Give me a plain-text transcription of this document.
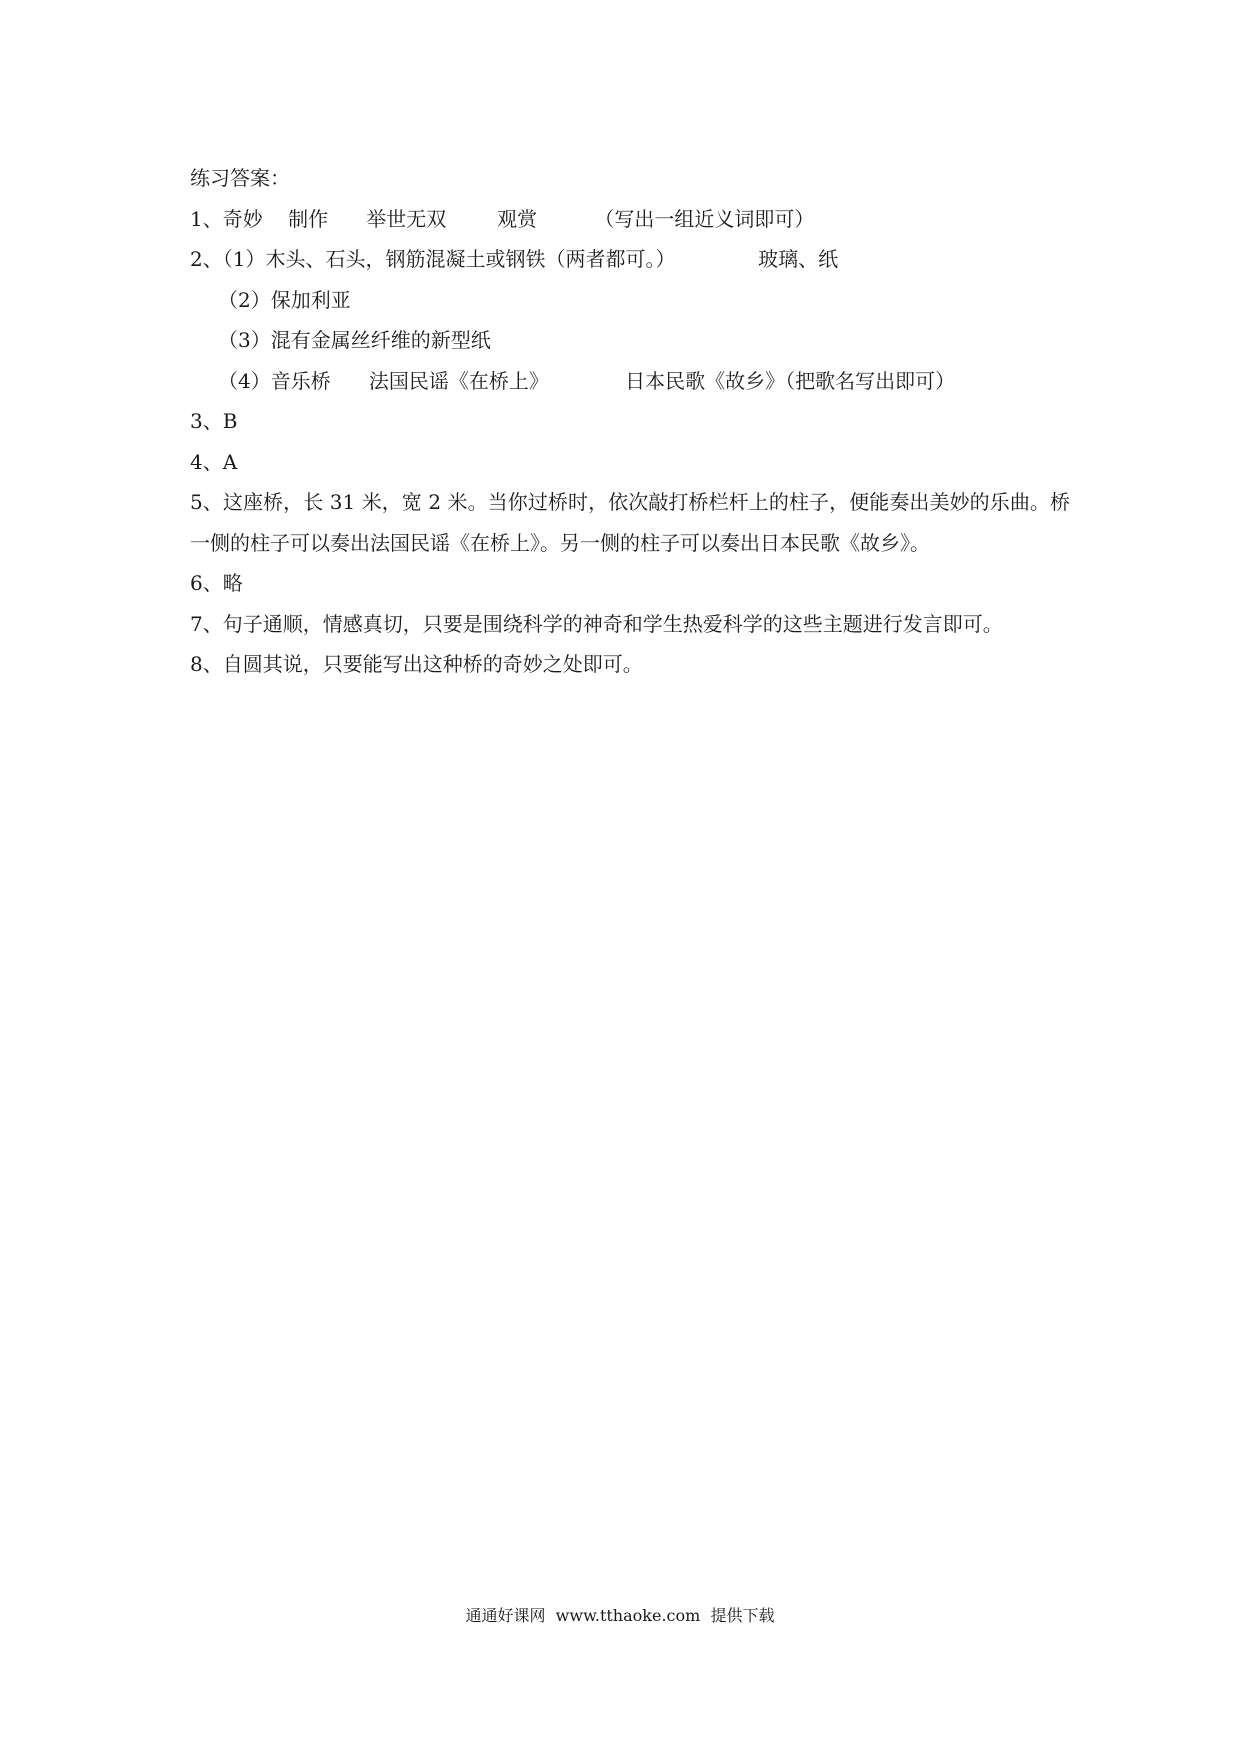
练习答案：
1、奇妙    制作      举世无双        观赏         （写出一组近义词即可）
2、（1）木头、石头，钢筋混凝土或钢铁（两者都可。）             玻璃、纸
（2）保加利亚
（3）混有金属丝纤维的新型纸
（4）音乐桥      法国民谣《在桥上》            日本民歌《故乡》（把歌名写出即可）
3、B
4、A
5、这座桥，长 31 米，宽 2 米。当你过桥时，依次敲打桥栏杆上的柱子，便能奏出美妙的乐曲。桥一侧的柱子可以奏出法国民谣《在桥上》。另一侧的柱子可以奏出日本民歌《故乡》。
6、略
7、句子通顺，情感真切，只要是围绕科学的神奇和学生热爱科学的这些主题进行发言即可。
8、自圆其说，只要能写出这种桥的奇妙之处即可。
通通好课网  www.tthaoke.com  提供下载
